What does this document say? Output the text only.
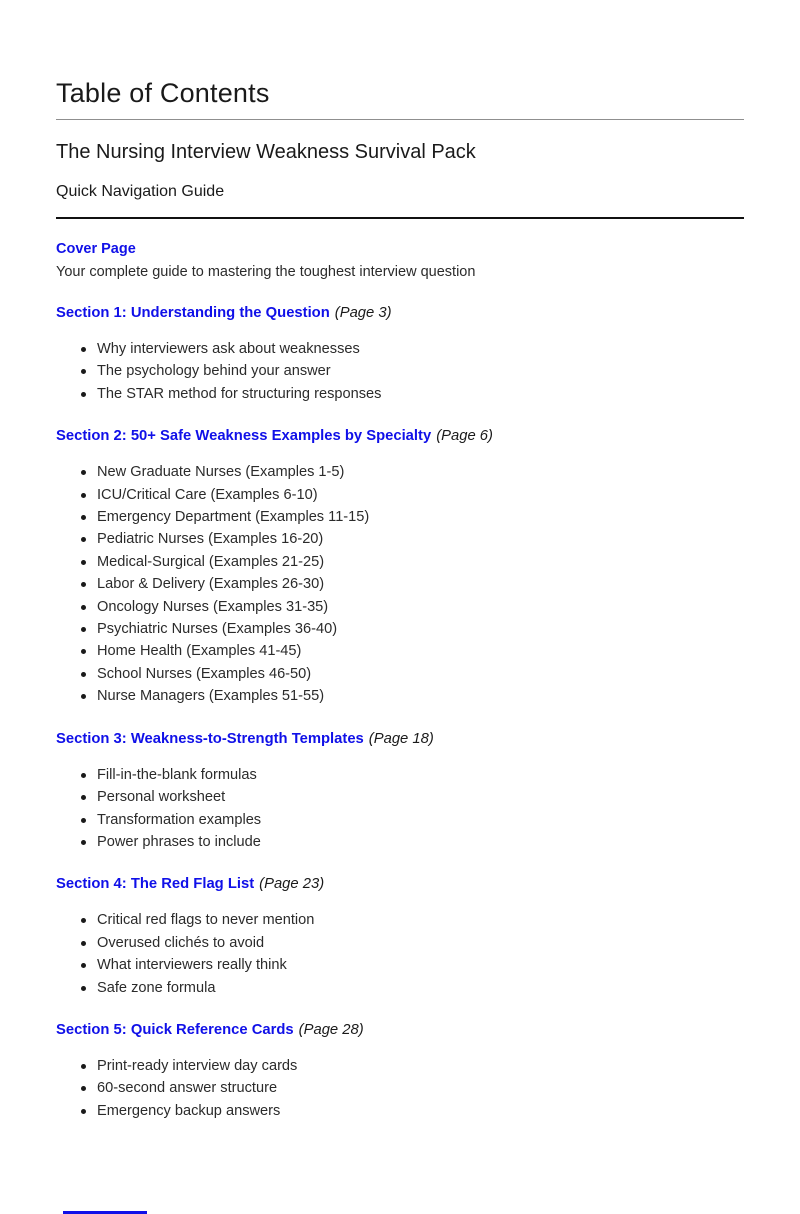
Table of Contents
The Nursing Interview Weakness Survival Pack
Quick Navigation Guide
Cover Page

Your complete guide to mastering the toughest interview question

Section 1: Understanding the Question (Page 3)
Why interviewers ask about weaknesses
The psychology behind your answer
The STAR method for structuring responses
Section 2: 50+ Safe Weakness Examples by Specialty (Page 6)
New Graduate Nurses (Examples 1-5)
ICU/Critical Care (Examples 6-10)
Emergency Department (Examples 11-15)
Pediatric Nurses (Examples 16-20)
Medical-Surgical (Examples 21-25)
Labor & Delivery (Examples 26-30)
Oncology Nurses (Examples 31-35)
Psychiatric Nurses (Examples 36-40)
Home Health (Examples 41-45)
School Nurses (Examples 46-50)
Nurse Managers (Examples 51-55)
Section 3: Weakness-to-Strength Templates (Page 18)
Fill-in-the-blank formulas
Personal worksheet
Transformation examples
Power phrases to include
Section 4: The Red Flag List (Page 23)
Critical red flags to never mention
Overused clichés to avoid
What interviewers really think
Safe zone formula
Section 5: Quick Reference Cards (Page 28)
Print-ready interview day cards
60-second answer structure
Emergency backup answers
